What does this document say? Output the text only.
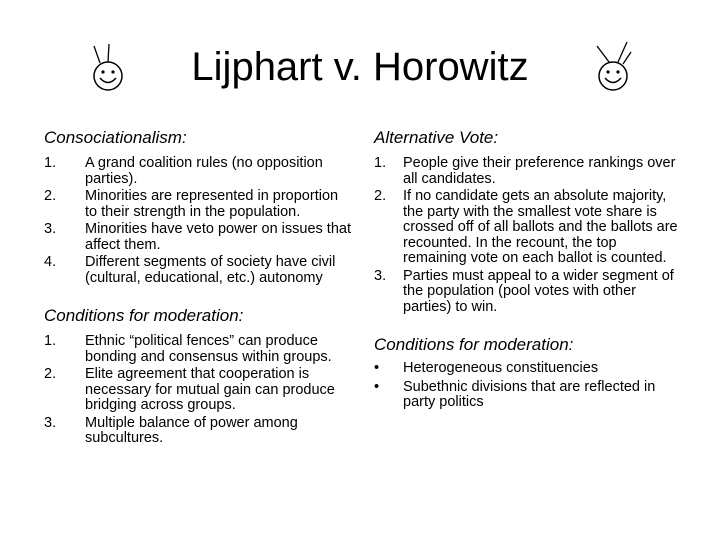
Lijphart v. Horowitz
Consociationalism:
1. A grand coalition rules (no opposition parties).
2. Minorities are represented in proportion to their strength in the population.
3. Minorities have veto power on issues that affect them.
4. Different segments of society have civil (cultural, educational, etc.) autonomy
Conditions for moderation:
1. Ethnic “political fences” can produce bonding and consensus within groups.
2. Elite agreement that cooperation is necessary for mutual gain can produce bridging across groups.
3. Multiple balance of power among subcultures.
Alternative Vote:
1. People give their preference rankings over all candidates.
2. If no candidate gets an absolute majority, the party with the smallest vote share is crossed off of all ballots and the ballots are recounted. In the recount, the top remaining vote on each ballot is counted.
3. Parties must appeal to a wider segment of the population (pool votes with other parties) to win.
Conditions for moderation:
• Heterogeneous constituencies
• Subethnic divisions that are reflected in party politics
